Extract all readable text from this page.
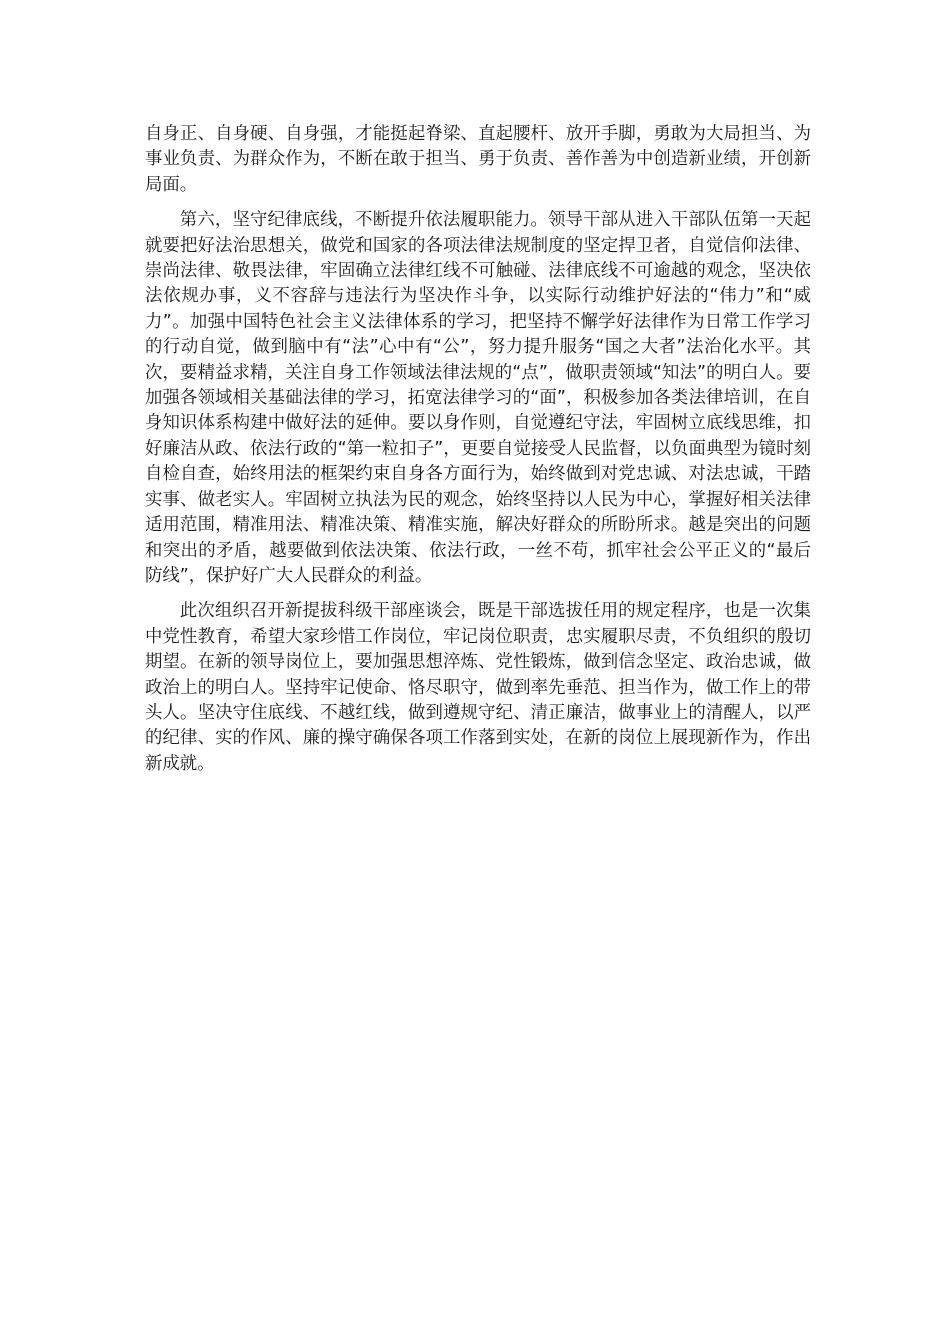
自身正、自身硬、自身强，才能挺起脊梁、直起腰杆、放开手脚，勇敢为大局担当、为事业负责、为群众作为，不断在敢于担当、勇于负责、善作善为中创造新业绩，开创新局面。

第六，坚守纪律底线，不断提升依法履职能力。领导干部从进入干部队伍第一天起就要把好法治思想关，做党和国家的各项法律法规制度的坚定捍卫者，自觉信仰法律、崇尚法律、敬畏法律，牢固确立法律红线不可触碰、法律底线不可逾越的观念，坚决依法依规办事，义不容辞与违法行为坚决作斗争，以实际行动维护好法的“伟力”和“威力”。加强中国特色社会主义法律体系的学习，把坚持不懈学好法律作为日常工作学习的行动自觉，做到脑中有“法”心中有“公”，努力提升服务“国之大者”法治化水平。其次，要精益求精，关注自身工作领域法律法规的“点”，做职责领域“知法”的明白人。要加强各领域相关基础法律的学习，拓宽法律学习的“面”，积极参加各类法律培训，在自身知识体系构建中做好法的延伸。要以身作则，自觉遵纪守法，牢固树立底线思维，扣好廉洁从政、依法行政的“第一粒扣子”，更要自觉接受人民监督，以负面典型为镜时刻自检自查，始终用法的框架约束自身各方面行为，始终做到对党忠诚、对法忠诚，干踏实事、做老实人。牢固树立执法为民的观念，始终坚持以人民为中心，掌握好相关法律适用范围，精准用法、精准决策、精准实施，解决好群众的所盼所求。越是突出的问题和突出的矛盾，越要做到依法决策、依法行政，一丝不苟，抓牢社会公平正义的“最后防线”，保护好广大人民群众的利益。

此次组织召开新提拔科级干部座谈会，既是干部选拔任用的规定程序，也是一次集中党性教育，希望大家珍惜工作岗位，牢记岗位职责，忠实履职尽责，不负组织的殷切期望。在新的领导岗位上，要加强思想淬炼、党性锻炼，做到信念坚定、政治忠诚，做政治上的明白人。坚持牢记使命、恪尽职守，做到率先垂范、担当作为，做工作上的带头人。坚决守住底线、不越红线，做到遵规守纪、清正廉洁，做事业上的清醒人，以严的纪律、实的作风、廉的操守确保各项工作落到实处，在新的岗位上展现新作为，作出新成就。
